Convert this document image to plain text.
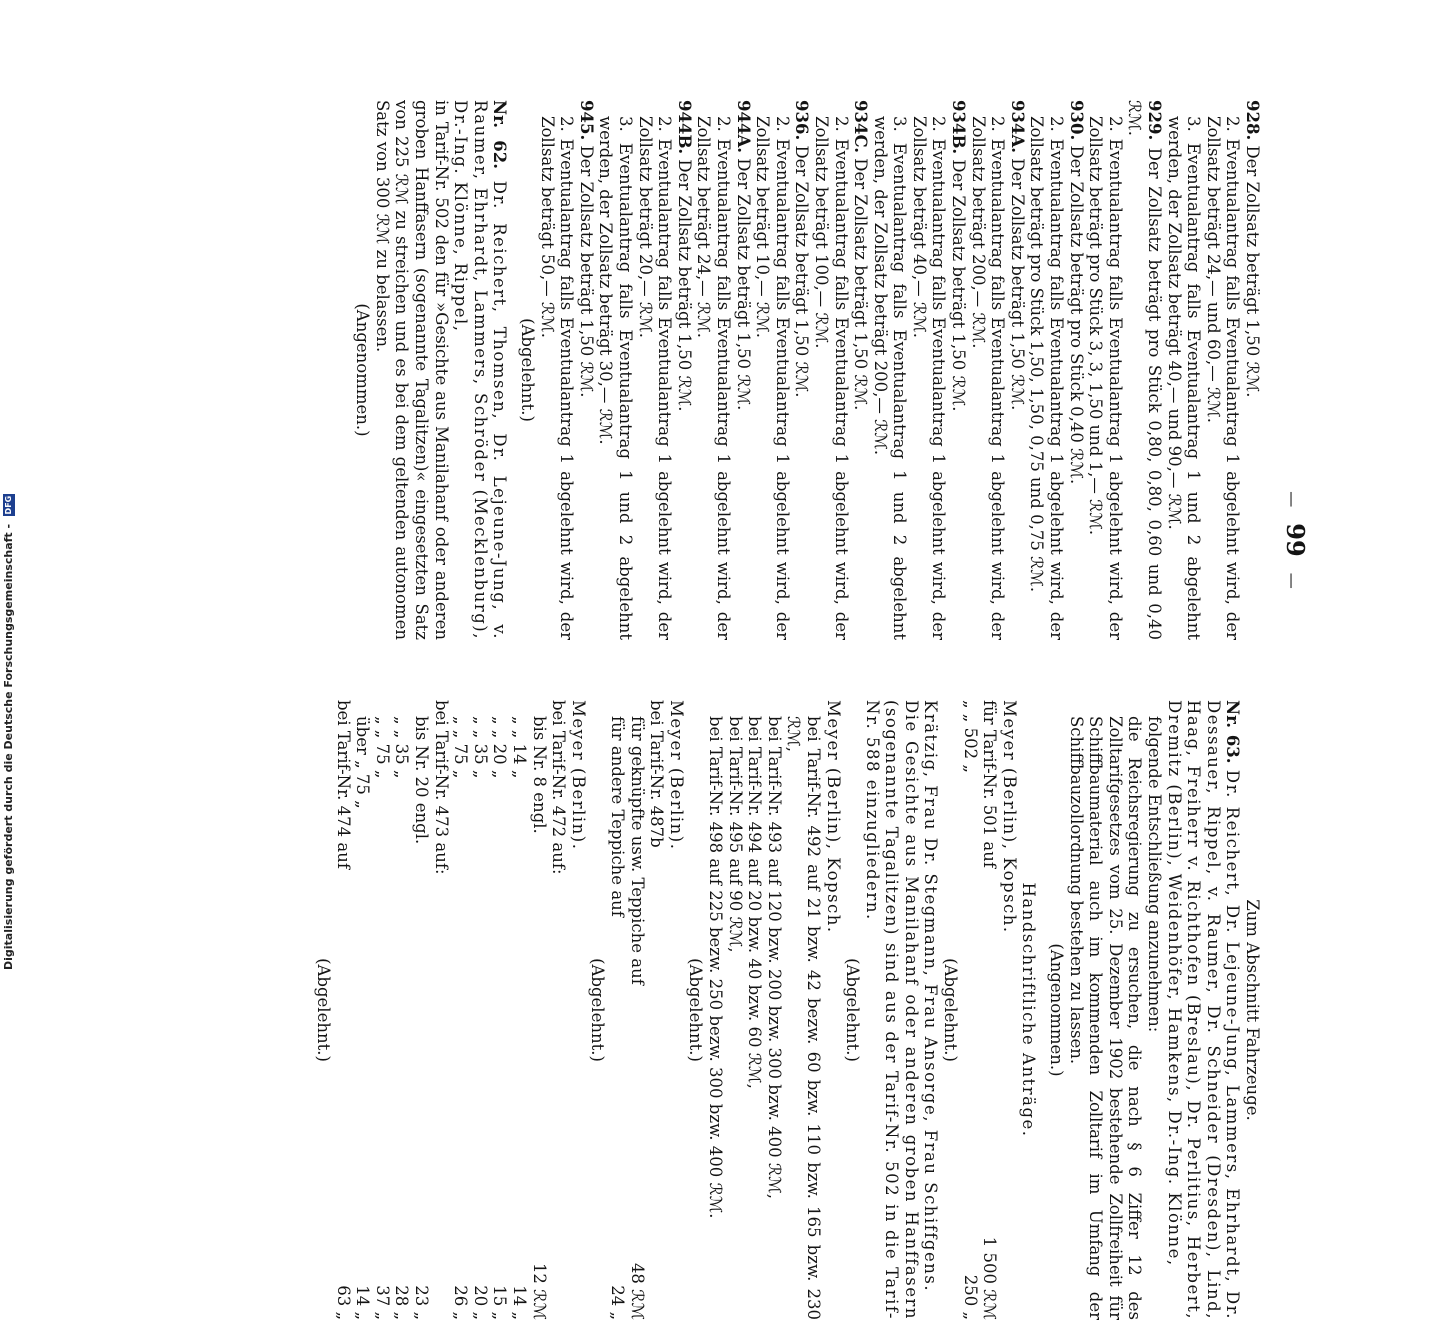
—99—

928. Der Zollsatz beträgt 1,50 ℛℳ.

2. Eventualantrag falls Eventualantrag 1 abgelehnt wird, der Zollsatz beträgt 24,— und 60,— ℛℳ.

3. Eventualantrag falls Eventualantrag 1 und 2 abgelehnt werden, der Zollsatz beträgt 40,— und 90,— ℛℳ.

929. Der Zollsatz beträgt pro Stück 0,80, 0,80, 0,60 und 0,40 ℛℳ.

2. Eventualantrag falls Eventualantrag 1 abgelehnt wird, der Zollsatz beträgt pro Stück 3, 3, 1,50 und 1,— ℛℳ.

930. Der Zollsatz beträgt pro Stück 0,40 ℛℳ.

2. Eventualantrag falls Eventualantrag 1 abgelehnt wird, der Zollsatz beträgt pro Stück 1,50, 1,50, 0,75 und 0,75 ℛℳ.

934A. Der Zollsatz beträgt 1,50 ℛℳ.

2. Eventualantrag falls Eventualantrag 1 abgelehnt wird, der Zollsatz beträgt 200,— ℛℳ.

934B. Der Zollsatz beträgt 1,50 ℛℳ.

2. Eventualantrag falls Eventualantrag 1 abgelehnt wird, der Zollsatz beträgt 40,— ℛℳ.

3. Eventualantrag falls Eventualantrag 1 und 2 abgelehnt werden, der Zollsatz beträgt 200,— ℛℳ.

934C. Der Zollsatz beträgt 1,50 ℛℳ.

2. Eventualantrag falls Eventualantrag 1 abgelehnt wird, der Zollsatz beträgt 100,— ℛℳ.

936. Der Zollsatz beträgt 1,50 ℛℳ.

2. Eventualantrag falls Eventualantrag 1 abgelehnt wird, der Zollsatz beträgt 10,— ℛℳ.

944A. Der Zollsatz beträgt 1,50 ℛℳ.

2. Eventualantrag falls Eventualantrag 1 abgelehnt wird, der Zollsatz beträgt 24,— ℛℳ.

944B. Der Zollsatz beträgt 1,50 ℛℳ.

2. Eventualantrag falls Eventualantrag 1 abgelehnt wird, der Zollsatz beträgt 20,— ℛℳ.

3. Eventualantrag falls Eventualantrag 1 und 2 abgelehnt werden, der Zollsatz beträgt 30,— ℛℳ.

945. Der Zollsatz beträgt 1,50 ℛℳ.

2. Eventualantrag falls Eventualantrag 1 abgelehnt wird, der Zollsatz beträgt 50,— ℛℳ.

(Abgelehnt.)

Nr. 62. Dr. Reichert, Thomsen, Dr. Lejeune-Jung, v. Raumer, Ehrhardt, Lammers, Schröder (Mecklenburg), Dr.-Ing. Klönne, Rippel,

in Tarif-Nr. 502 den für »Gesichte aus Manilahanf oder anderen groben Hanffasern (sogenannte Tagalitzen)« eingesetzten Satz von 225 ℛℳ zu streichen und es bei dem geltenden autonomen Satz von 300 ℛℳ zu belassen.

(Angenommen.)

Zum Abschnitt Fahrzeuge.

Nr. 63. Dr. Reichert, Dr. Lejeune-Jung, Lammers, Ehrhardt, Dr. Dessauer, Rippel, v. Raumer, Dr. Schneider (Dresden), Lind, Haag, Freiherr v. Richthofen (Breslau), Dr. Perlitius, Herbert, Dremitz (Berlin), Weidenhöfer, Hamkens, Dr.-Ing. Klönne,

folgende Entschließung anzunehmen:

die Reichsregierung zu ersuchen, die nach § 6 Ziffer 12 des Zolltarifgesetzes vom 25. Dezember 1902 bestehende Zollfreiheit für Schiffbaumaterial auch im kommenden Zolltarif im Umfang der Schiffbauzollordnung bestehen zu lassen.

(Angenommen.)

Handschriftliche Anträge.

Meyer (Berlin), Kopsch.

für Tarif-Nr. 501 auf
1 500 ℛℳ
„ „ 502 „
250 „

(Abgelehnt.)

Krätzig, Frau Dr. Stegmann, Frau Ansorge, Frau Schiffgens.

Die Gesichte aus Manilahanf oder anderen groben Hanffasern (sogenannte Tagalitzen) sind aus der Tarif-Nr. 502 in die Tarif-Nr. 588 einzugliedern.

(Abgelehnt.)

Meyer (Berlin), Kopsch.

bei Tarif-Nr. 492 auf 21 bzw. 42 bezw. 60 bzw. 110 bzw. 165 bzw. 230 ℛℳ,

bei Tarif-Nr. 493 auf 120 bzw. 200 bzw. 300 bzw. 400 ℛℳ,

bei Tarif-Nr. 494 auf 20 bzw. 40 bzw. 60 ℛℳ,

bei Tarif-Nr. 495 auf 90 ℛℳ,

bei Tarif-Nr. 498 auf 225 bezw. 250 bezw. 300 bzw. 400 ℛℳ.

(Abgelehnt.)

Meyer (Berlin).

bei Tarif-Nr. 487b

für geknüpfte usw. Teppiche auf
48 ℛℳ
für andere Teppiche auf
24 „

(Abgelehnt.)

Meyer (Berlin).

bei Tarif-Nr. 472 auf:

bis Nr. 8 engl.
12 ℛℳ
„ „ 14 „
14 „
„ „ 20 „
15 „
„ „ 35 „
20 „
„ „ 75 „
26 „

bei Tarif-Nr. 473 auf:

bis Nr. 20 engl.
23 „
„ „ 35 „
28 „
„ „ 75 „
37 „
über „ 75 „
14 „
bei Tarif-Nr. 474 auf
63 „

(Abgelehnt.)

Digitalisierung gefördert durch die Deutsche Forschungsgemeinschaft - DFG
